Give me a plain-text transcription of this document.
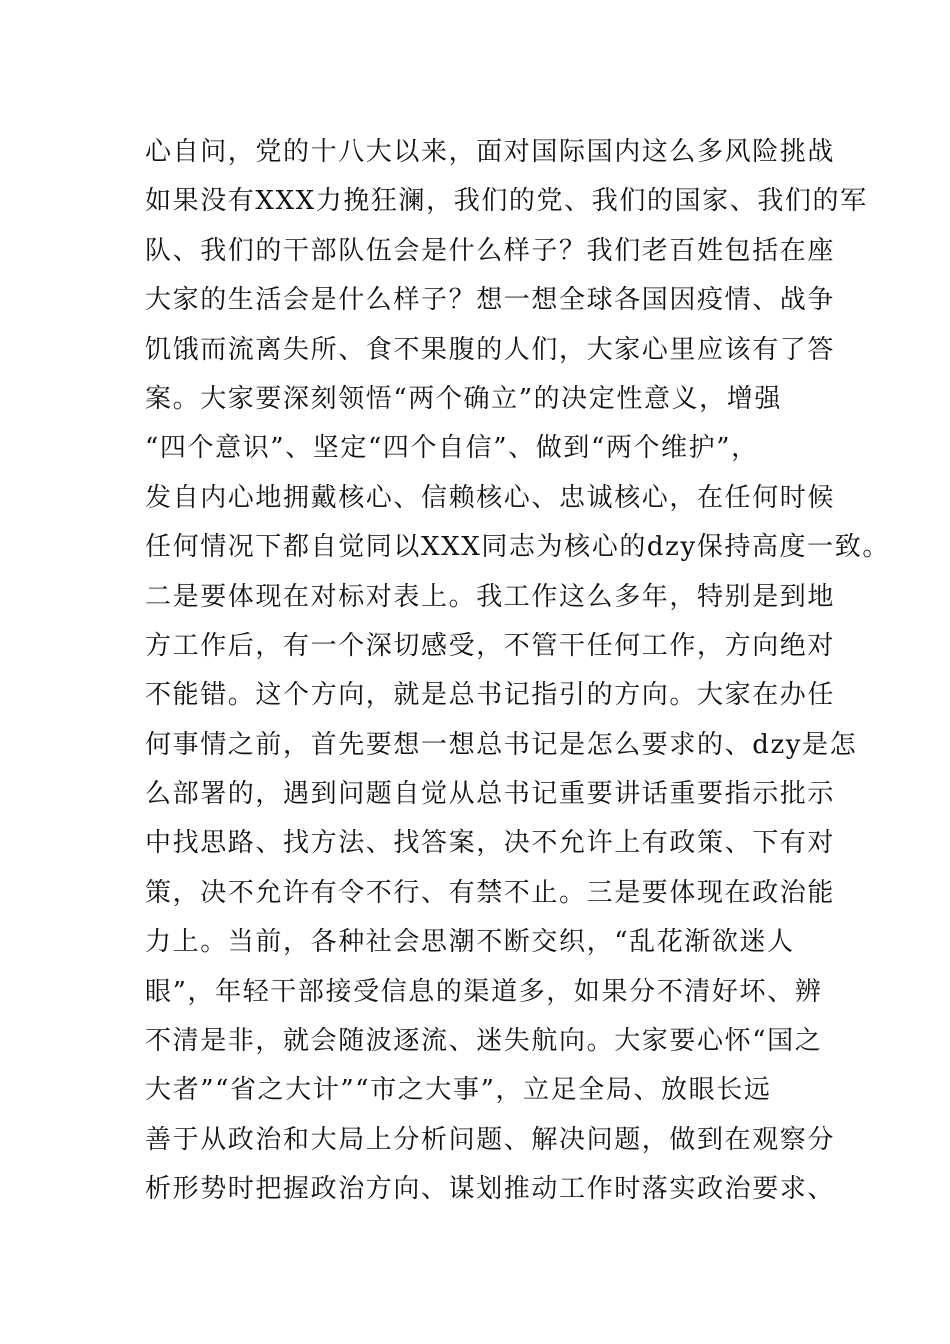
心自问，党的十八大以来，面对国际国内这么多风险挑战
如果没有XXX力挽狂澜，我们的党、我们的国家、我们的军
队、我们的干部队伍会是什么样子？我们老百姓包括在座
大家的生活会是什么样子？想一想全球各国因疫情、战争
饥饿而流离失所、食不果腹的人们，大家心里应该有了答
案。大家要深刻领悟“两个确立”的决定性意义，增强
“四个意识”、坚定“四个自信”、做到“两个维护”，
发自内心地拥戴核心、信赖核心、忠诚核心，在任何时候
任何情况下都自觉同以XXX同志为核心的dzy保持高度一致。
二是要体现在对标对表上。我工作这么多年，特别是到地
方工作后，有一个深切感受，不管干任何工作，方向绝对
不能错。这个方向，就是总书记指引的方向。大家在办任
何事情之前，首先要想一想总书记是怎么要求的、dzy是怎
么部署的，遇到问题自觉从总书记重要讲话重要指示批示
中找思路、找方法、找答案，决不允许上有政策、下有对
策，决不允许有令不行、有禁不止。三是要体现在政治能
力上。当前，各种社会思潮不断交织，“乱花渐欲迷人
眼”，年轻干部接受信息的渠道多，如果分不清好坏、辨
不清是非，就会随波逐流、迷失航向。大家要心怀“国之
大者”“省之大计”“市之大事”，立足全局、放眼长远
善于从政治和大局上分析问题、解决问题，做到在观察分
析形势时把握政治方向、谋划推动工作时落实政治要求、
